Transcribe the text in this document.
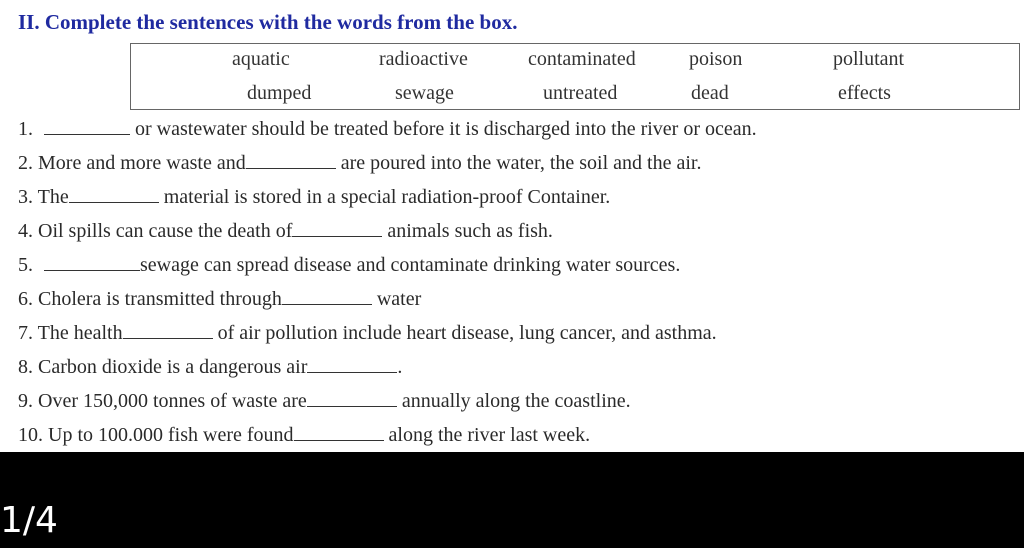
II. Complete the sentences with the words from the box.
aquatic	radioactive	contaminated	poison	pollutant
dumped	sewage	untreated	dead	effects
1.	or wastewater should be treated before it is discharged into the river or ocean.
2. More and more waste and	are poured into the water, the soil and the air.
3. The	material is stored in a special radiation-proof Container.
4. Oil spills can cause the death of	animals such as fish.
5.	sewage can spread disease and contaminate drinking water sources.
6. Cholera is transmitted through	water
7. The health	of air pollution include heart disease, lung cancer, and asthma.
8. Carbon dioxide is a dangerous air	.
9. Over 150,000 tonnes of waste are	annually along the coastline.
10. Up to 100.000 fish were found	along the river last week.
1/4
